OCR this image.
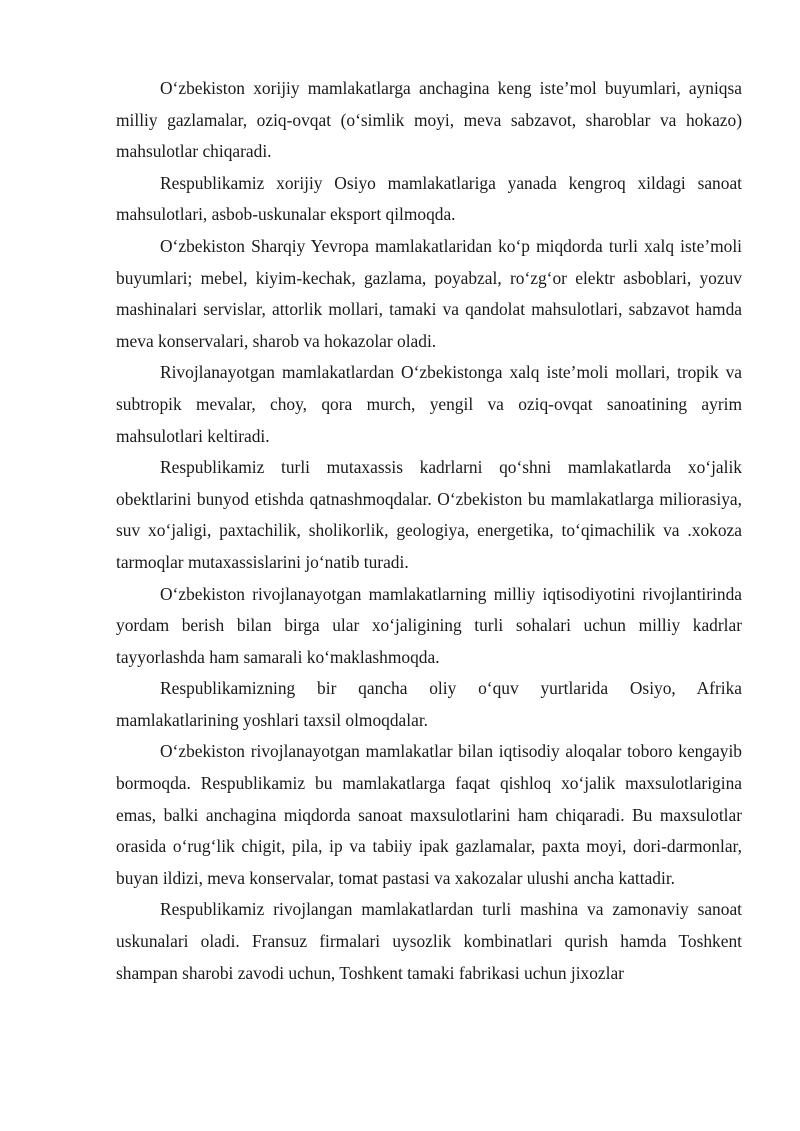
O‘zbekiston xorijiy mamlakatlarga anchagina keng iste’mol buyumlari, ayniqsa milliy gazlamalar, oziq-ovqat (o‘simlik moyi, meva sabzavot, sharoblar va hokazo) mahsulotlar chiqaradi.

Respublikamiz xorijiy Osiyo mamlakatlariga yanada kengroq xildagi sanoat mahsulotlari, asbob-uskunalar eksport qilmoqda.

O‘zbekiston Sharqiy Yevropa mamlakatlaridan ko‘p miqdorda turli xalq iste’moli buyumlari; mebel, kiyim-kechak, gazlama, poyabzal, ro‘zg‘or elektr asboblari, yozuv mashinalari servislar, attorlik mollari, tamaki va qandolat mahsulotlari, sabzavot hamda meva konservalari, sharob va hokazolar oladi.

Rivojlanayotgan mamlakatlardan O‘zbekistonga xalq iste’moli mollari, tropik va subtropik mevalar, choy, qora murch, yengil va oziq-ovqat sanoatining ayrim mahsulotlari keltiradi.

Respublikamiz turli mutaxassis kadrlarni qo‘shni mamlakatlarda xo‘jalik obektlarini bunyod etishda qatnashmoqdalar. O‘zbekiston bu mamlakatlarga miliorasiya, suv xo‘jaligi, paxtachilik, sholikorlik, geologiya, energetika, to‘qimachilik va .xokoza tarmoqlar mutaxassislarini jo‘natib turadi.

O‘zbekiston rivojlanayotgan mamlakatlarning milliy iqtisodiyotini rivojlantirinda yordam berish bilan birga ular xo‘jaligining turli sohalari uchun milliy kadrlar tayyorlashda ham samarali ko‘maklashmoqda.

Respublikamizning bir qancha oliy o‘quv yurtlarida Osiyo, Afrika mamlakatlarining yoshlari taxsil olmoqdalar.

O‘zbekiston rivojlanayotgan mamlakatlar bilan iqtisodiy aloqalar toboro kengayib bormoqda. Respublikamiz bu mamlakatlarga faqat qishloq xo‘jalik maxsulotlarigina emas, balki anchagina miqdorda sanoat maxsulotlarini ham chiqaradi. Bu maxsulotlar orasida o‘rug‘lik chigit, pila, ip va tabiiy ipak gazlamalar, paxta moyi, dori-darmonlar, buyan ildizi, meva konservalar, tomat pastasi va xakozalar ulushi ancha kattadir.

Respublikamiz rivojlangan mamlakatlardan turli mashina va zamonaviy sanoat uskunalari oladi. Fransuz firmalari uysozlik kombinatlari qurish hamda Toshkent shampan sharobi zavodi uchun, Toshkent tamaki fabrikasi uchun jixozlar
